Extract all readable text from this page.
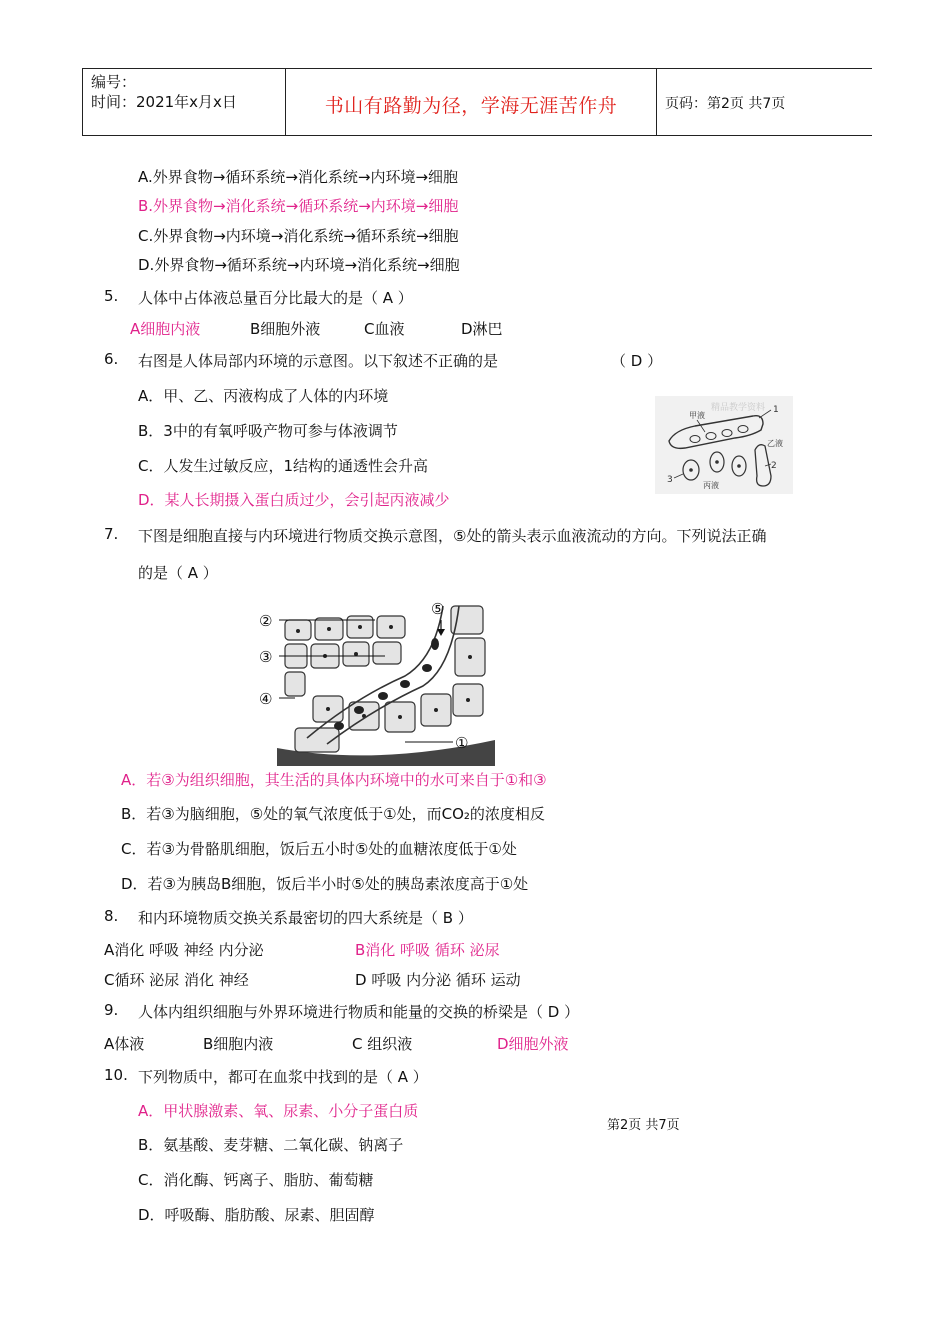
编号：
时间：2021年x月x日	书山有路勤为径，学海无涯苦作舟	页码：第2页 共7页
A.外界食物→循环系统→消化系统→内环境→细胞
B.外界食物→消化系统→循环系统→内环境→细胞
C.外界食物→内环境→消化系统→循环系统→细胞
D.外界食物→循环系统→内环境→消化系统→细胞
5. 人体中占体液总量百分比最大的是（ A ）
A细胞内液	B细胞外液	C血液	D淋巴
6. 右图是人体局部内环境的示意图。以下叙述不正确的是	（ D ）
A．甲、乙、丙液构成了人体的内环境
B．3中的有氧呼吸产物可参与体液调节
C．人发生过敏反应，1结构的通透性会升高
D．某人长期摄入蛋白质过少，会引起丙液减少
精品教学资料
甲液
1
乙液
2
3
丙液
7. 下图是细胞直接与内环境进行物质交换示意图，⑤处的箭头表示血液流动的方向。下列说法正确
的是（ A ）
②
③
④
⑤
①
A．若③为组织细胞，其生活的具体内环境中的水可来自于①和③
B．若③为脑细胞，⑤处的氧气浓度低于①处，而CO₂的浓度相反
C．若③为骨骼肌细胞，饭后五小时⑤处的血糖浓度低于①处
D．若③为胰岛B细胞，饭后半小时⑤处的胰岛素浓度高于①处
8. 和内环境物质交换关系最密切的四大系统是（ B ）
A消化 呼吸 神经 内分泌	B消化 呼吸 循环 泌尿
C循环 泌尿 消化 神经	D 呼吸 内分泌 循环 运动
9. 人体内组织细胞与外界环境进行物质和能量的交换的桥梁是（ D ）
A体液	B细胞内液	C 组织液	D细胞外液
10. 下列物质中，都可在血浆中找到的是（ A ）
A．甲状腺激素、氧、尿素、小分子蛋白质
B．氨基酸、麦芽糖、二氧化碳、钠离子
C．消化酶、钙离子、脂肪、葡萄糖
D．呼吸酶、脂肪酸、尿素、胆固醇
第2页 共7页
